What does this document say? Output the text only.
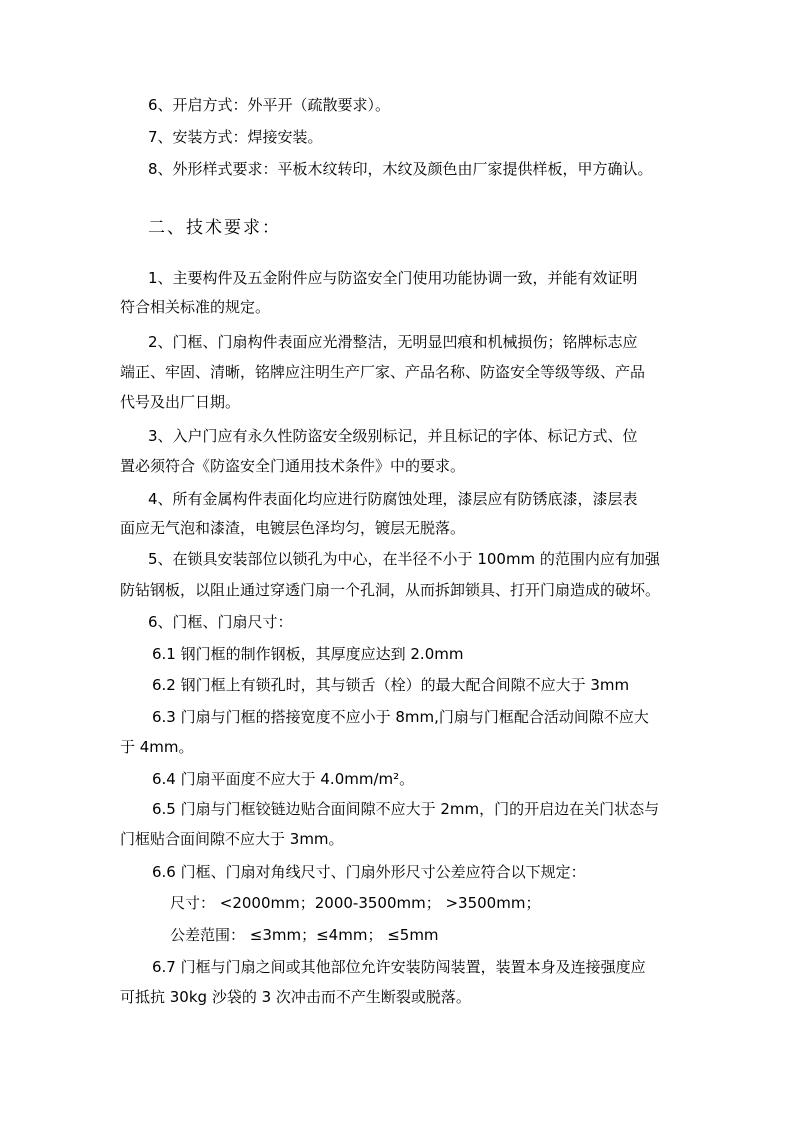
6、开启方式：外平开（疏散要求）。
7、安装方式：焊接安装。
8、外形样式要求：平板木纹转印，木纹及颜色由厂家提供样板，甲方确认。
二、技术要求：
1、主要构件及五金附件应与防盗安全门使用功能协调一致，并能有效证明
符合相关标准的规定。
2、门框、门扇构件表面应光滑整洁，无明显凹痕和机械损伤；铭牌标志应
端正、牢固、清晰，铭牌应注明生产厂家、产品名称、防盗安全等级等级、产品
代号及出厂日期。
3、入户门应有永久性防盗安全级别标记，并且标记的字体、标记方式、位
置必须符合《防盗安全门通用技术条件》中的要求。
4、所有金属构件表面化均应进行防腐蚀处理，漆层应有防锈底漆，漆层表
面应无气泡和漆渣，电镀层色泽均匀，镀层无脱落。
5、在锁具安装部位以锁孔为中心，在半径不小于 100mm 的范围内应有加强
防钻钢板，以阻止通过穿透门扇一个孔洞，从而拆卸锁具、打开门扇造成的破坏。
6、门框、门扇尺寸：
6.1 钢门框的制作钢板，其厚度应达到 2.0mm
6.2 钢门框上有锁孔时，其与锁舌（栓）的最大配合间隙不应大于 3mm
6.3 门扇与门框的搭接宽度不应小于 8mm,门扇与门框配合活动间隙不应大
于 4mm。
6.4 门扇平面度不应大于 4.0mm/m²。
6.5 门扇与门框铰链边贴合面间隙不应大于 2mm，门的开启边在关门状态与
门框贴合面间隙不应大于 3mm。
6.6 门框、门扇对角线尺寸、门扇外形尺寸公差应符合以下规定：
尺寸： <2000mm；2000-3500mm； >3500mm；
公差范围： ≤3mm；≤4mm； ≤5mm
6.7 门框与门扇之间或其他部位允许安装防闯装置，装置本身及连接强度应
可抵抗 30kg 沙袋的 3 次冲击而不产生断裂或脱落。
